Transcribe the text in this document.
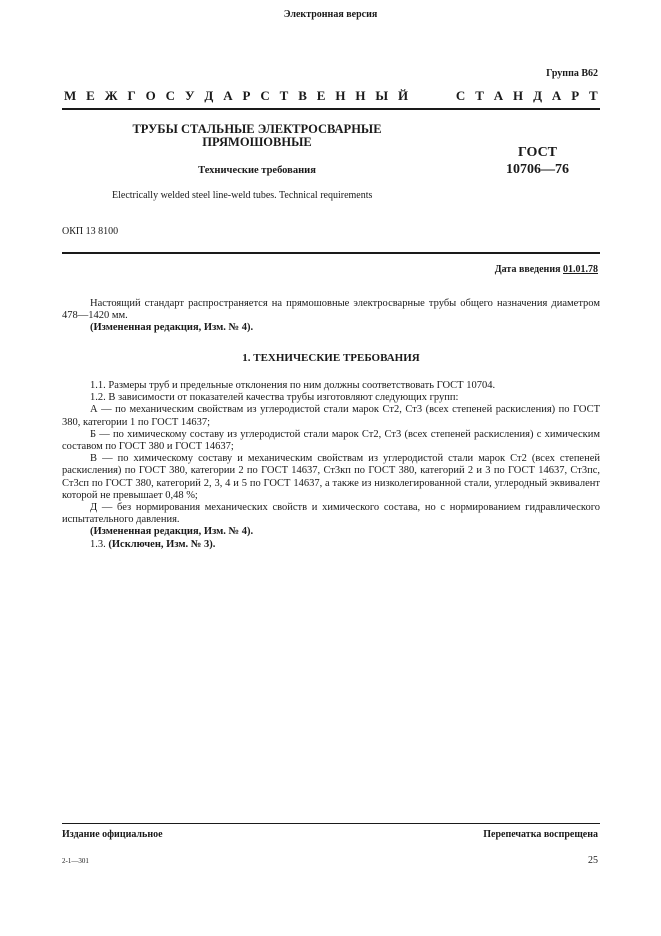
Электронная версия
Группа В62
М Е Ж Г О С У Д А Р С Т В Е Н Н Ы Й	С Т А Н Д А Р Т
ТРУБЫ СТАЛЬНЫЕ ЭЛЕКТРОСВАРНЫЕ
ПРЯМОШОВНЫЕ
Технические требования
ГОСТ
10706—76
Electrically welded steel line-weld tubes. Technical requirements
ОКП 13 8100
Дата введения 01.01.78

Настоящий стандарт распространяется на прямошовные электросварные трубы общего назначения диаметром 478—1420 мм.

(Измененная редакция, Изм. № 4).

1. ТЕХНИЧЕСКИЕ ТРЕБОВАНИЯ

1.1. Размеры труб и предельные отклонения по ним должны соответствовать ГОСТ 10704.

1.2. В зависимости от показателей качества трубы изготовляют следующих групп:

А — по механическим свойствам из углеродистой стали марок Ст2, Ст3 (всех степеней раскисления) по ГОСТ 380, категории 1 по ГОСТ 14637;

Б — по химическому составу из углеродистой стали марок Ст2, Ст3 (всех степеней раскисления) с химическим составом по ГОСТ 380 и ГОСТ 14637;

В — по химическому составу и механическим свойствам из углеродистой стали марок Ст2 (всех степеней раскисления) по ГОСТ 380, категории 2 по ГОСТ 14637, Ст3кп по ГОСТ 380, категорий 2 и 3 по ГОСТ 14637, Ст3пс, Ст3сп по ГОСТ 380, категорий 2, 3, 4 и 5 по ГОСТ 14637, а также из низколегированной стали, углеродный эквивалент которой не превышает 0,48 %;

Д — без нормирования механических свойств и химического состава, но с нормированием гидравлического испытательного давления.

(Измененная редакция, Изм. № 4).

1.3. (Исключен, Изм. № 3).

Издание официальное	Перепечатка воспрещена
2-1—301	25
